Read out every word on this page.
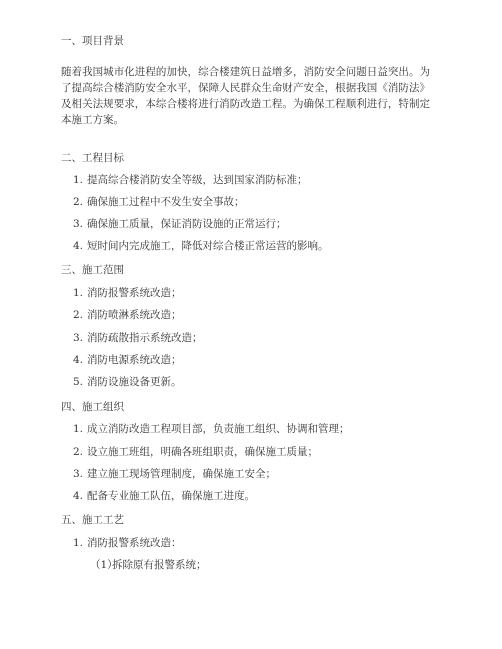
一、项目背景
随着我国城市化进程的加快，综合楼建筑日益增多，消防安全问题日益突出。为了提高综合楼消防安全水平，保障人民群众生命财产安全，根据我国《消防法》及相关法规要求，本综合楼将进行消防改造工程。为确保工程顺利进行，特制定本施工方案。
二、工程目标
1. 提高综合楼消防安全等级，达到国家消防标准；
2. 确保施工过程中不发生安全事故；
3. 确保施工质量，保证消防设施的正常运行；
4. 短时间内完成施工，降低对综合楼正常运营的影响。
三、施工范围
1. 消防报警系统改造；
2. 消防喷淋系统改造；
3. 消防疏散指示系统改造；
4. 消防电源系统改造；
5. 消防设施设备更新。
四、施工组织
1. 成立消防改造工程项目部，负责施工组织、协调和管理；
2. 设立施工班组，明确各班组职责，确保施工质量；
3. 建立施工现场管理制度，确保施工安全；
4. 配备专业施工队伍，确保施工进度。
五、施工工艺
1. 消防报警系统改造：
（1）拆除原有报警系统；
